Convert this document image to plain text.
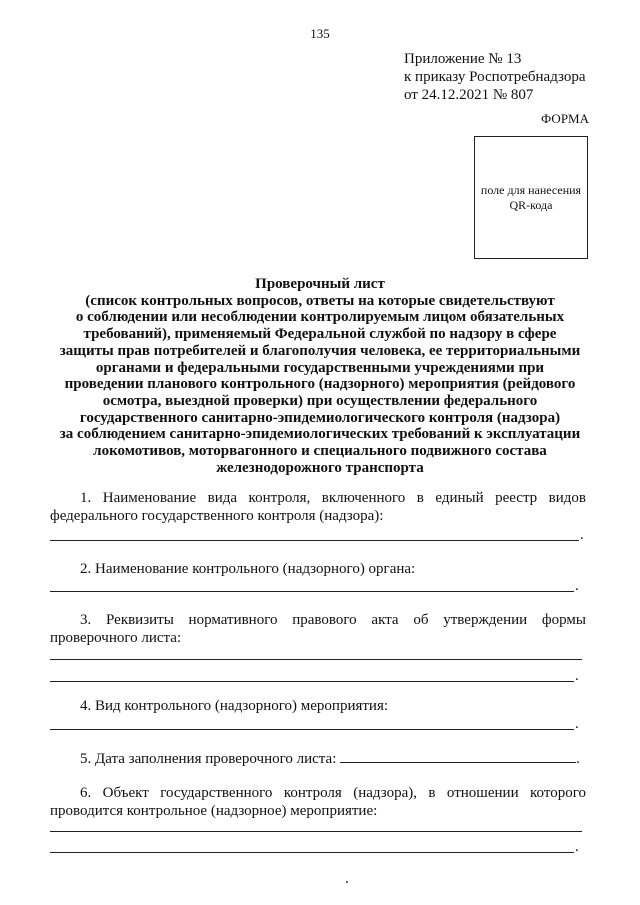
135
Приложение № 13
к приказу Роспотребнадзора
от 24.12.2021 № 807
ФОРМА
поле для нанесения
QR-кода
Проверочный лист
(список контрольных вопросов, ответы на которые свидетельствуют
о соблюдении или несоблюдении контролируемым лицом обязательных
требований), применяемый Федеральной службой по надзору в сфере
защиты прав потребителей и благополучия человека, ее территориальными
органами и федеральными государственными учреждениями при
проведении планового контрольного (надзорного) мероприятия (рейдового
осмотра, выездной проверки) при осуществлении федерального
государственного санитарно-эпидемиологического контроля (надзора)
за соблюдением санитарно-эпидемиологических требований к эксплуатации
локомотивов, моторвагонного и специального подвижного состава
железнодорожного транспорта
1. Наименование вида контроля, включенного в единый реестр видов
федерального государственного контроля (надзора):
.
2. Наименование контрольного (надзорного) органа:
.
3. Реквизиты нормативного правового акта об утверждении формы
проверочного листа:
.
4. Вид контрольного (надзорного) мероприятия:
.
5. Дата заполнения проверочного листа:	.
6. Объект государственного контроля (надзора), в отношении которого
проводится контрольное (надзорное) мероприятие:
.
